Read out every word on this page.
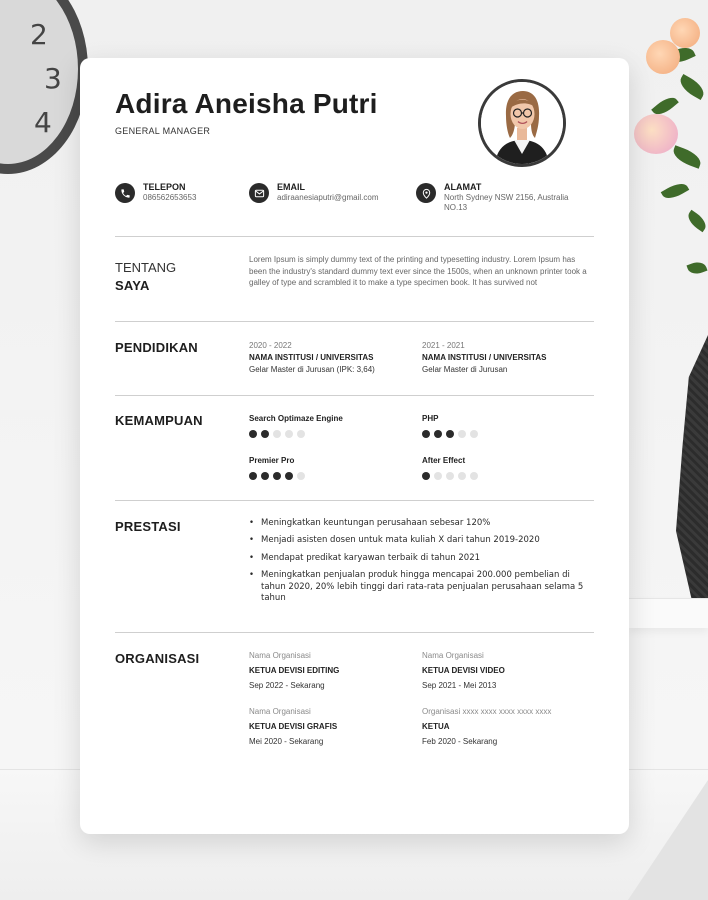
2
3
4
Adira Aneisha Putri
GENERAL MANAGER
TELEPON
086562653653
EMAIL
adiraanesiaputri@gmail.com
ALAMAT
North Sydney NSW 2156, Australia NO.13
TENTANG
SAYA
Lorem Ipsum is simply dummy text of the printing and typesetting industry. Lorem Ipsum has been the industry's standard dummy text ever since the 1500s, when an unknown printer took a galley of type and scrambled it to make a type specimen book. It has survived not
PENDIDIKAN	2020 - 2022
NAMA INSTITUSI / UNIVERSITAS
Gelar Master di Jurusan (IPK: 3,64)
2021 - 2021
NAMA INSTITUSI / UNIVERSITAS
Gelar Master di Jurusan
KEMAMPUAN	Search Optimaze Engine	PHP
Premier Pro	After Effect
PRESTASI	• Meningkatkan keuntungan perusahaan sebesar 120%
• Menjadi asisten dosen untuk mata kuliah X dari tahun 2019-2020
• Mendapat predikat karyawan terbaik di tahun 2021
• Meningkatkan penjualan produk hingga mencapai 200.000 pembelian di tahun 2020, 20% lebih tinggi dari rata-rata penjualan perusahaan selama 5 tahun
ORGANISASI	Nama Organisasi
KETUA DEVISI EDITING
Sep 2022 - Sekarang
Nama Organisasi
KETUA DEVISI VIDEO
Sep 2021 - Mei 2013
Nama Organisasi
KETUA DEVISI GRAFIS
Mei 2020 - Sekarang
Organisasi xxxx xxxx xxxx xxxx xxxx
KETUA
Feb 2020 - Sekarang
